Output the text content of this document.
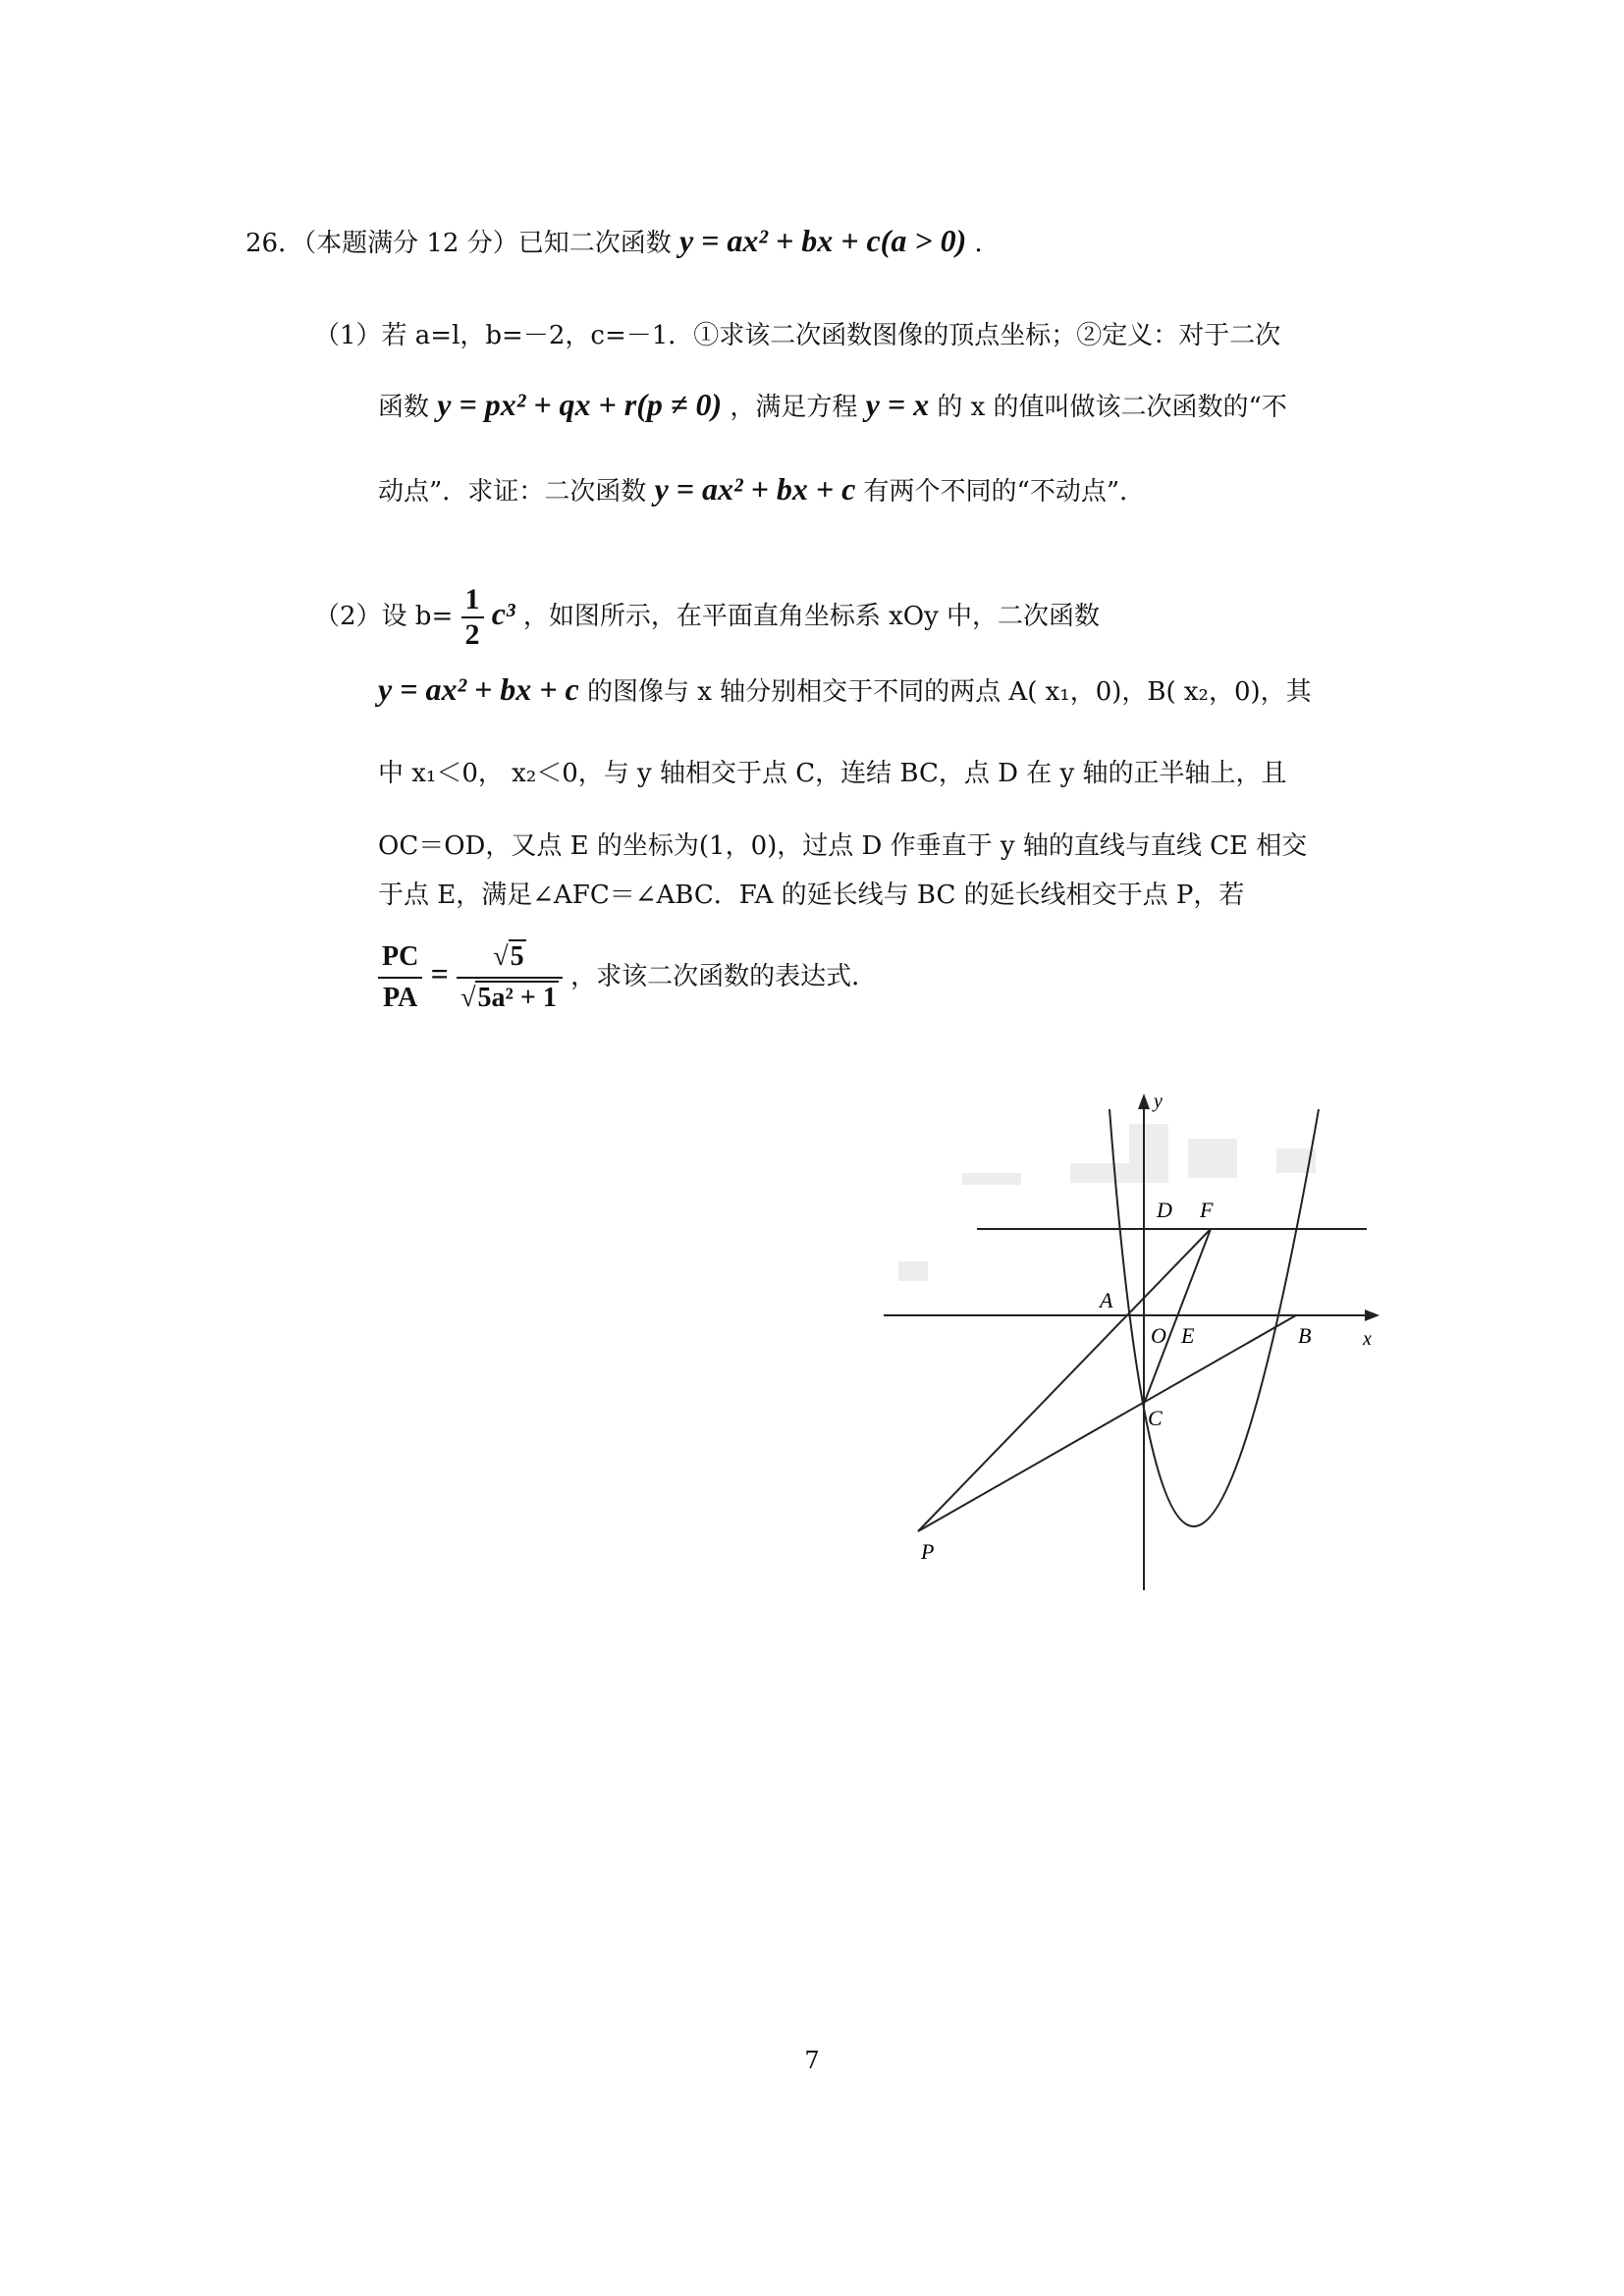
26．（本题满分 12 分）已知二次函数 y = ax² + bx + c(a > 0) ．
（1）若 a=l，b=－2，c=－1．①求该二次函数图像的顶点坐标；②定义：对于二次
函数 y = px² + qx + r(p ≠ 0) ，满足方程 y = x 的 x 的值叫做该二次函数的“不
动点”．求证：二次函数 y = ax² + bx + c 有两个不同的“不动点”．
（2）设 $b= \frac{1}{2} c^3$ ，如图所示，在平面直角坐标系 xOy 中，二次函数
y = ax² + bx + c 的图像与 x 轴分别相交于不同的两点 A( x₁，0)，B( x₂，0)，其
中 x₁＜0， x₂＜0，与 y 轴相交于点 C，连结 BC，点 D 在 y 轴的正半轴上，且
OC＝OD，又点 E 的坐标为(1，0)，过点 D 作垂直于 y 轴的直线与直线 CE 相交
于点 E，满足∠AFC＝∠ABC．FA 的延长线与 BC 的延长线相交于点 P，若
$\frac{PC}{PA} = \frac{√5}{\text{√5a² + 1}}$ ，求该二次函数的表达式．
y
x
D F
A
O E	B
C
P
7
